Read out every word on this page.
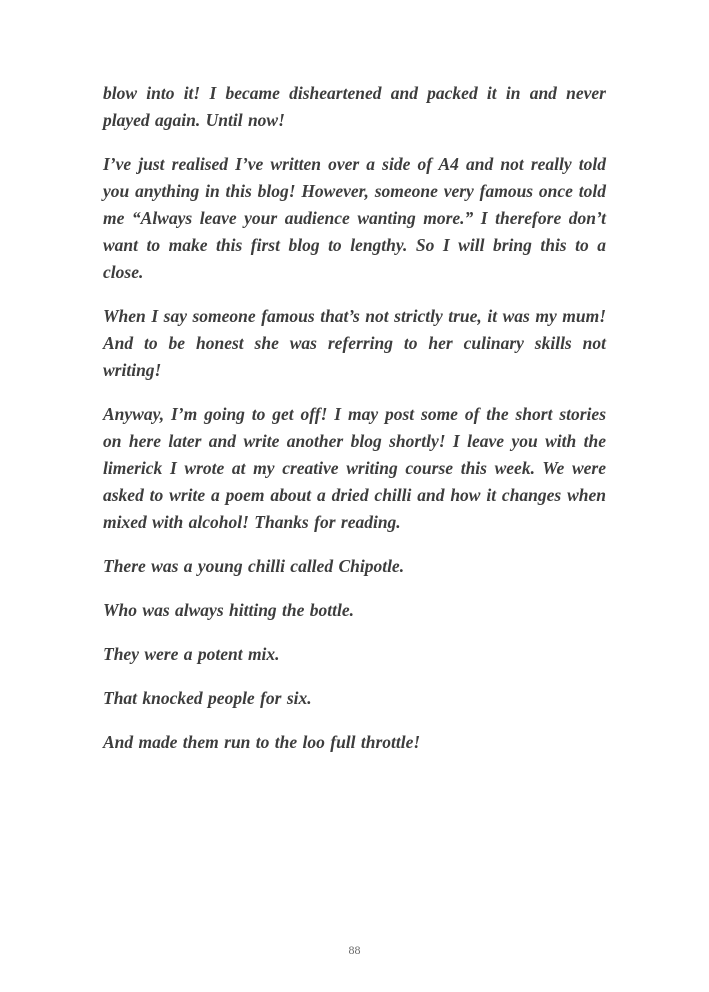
blow into it! I became disheartened and packed it in and never played again. Until now!

I’ve just realised I’ve written over a side of A4 and not really told you anything in this blog! However, someone very famous once told me “Always leave your audience wanting more.” I therefore don’t want to make this first blog to lengthy. So I will bring this to a close.

When I say someone famous that’s not strictly true, it was my mum! And to be honest she was referring to her culinary skills not writing!

Anyway, I’m going to get off! I may post some of the short stories on here later and write another blog shortly! I leave you with the limerick I wrote at my creative writing course this week. We were asked to write a poem about a dried chilli and how it changes when mixed with alcohol! Thanks for reading.

There was a young chilli called Chipotle.

Who was always hitting the bottle.

They were a potent mix.

That knocked people for six.

And made them run to the loo full throttle!

88
